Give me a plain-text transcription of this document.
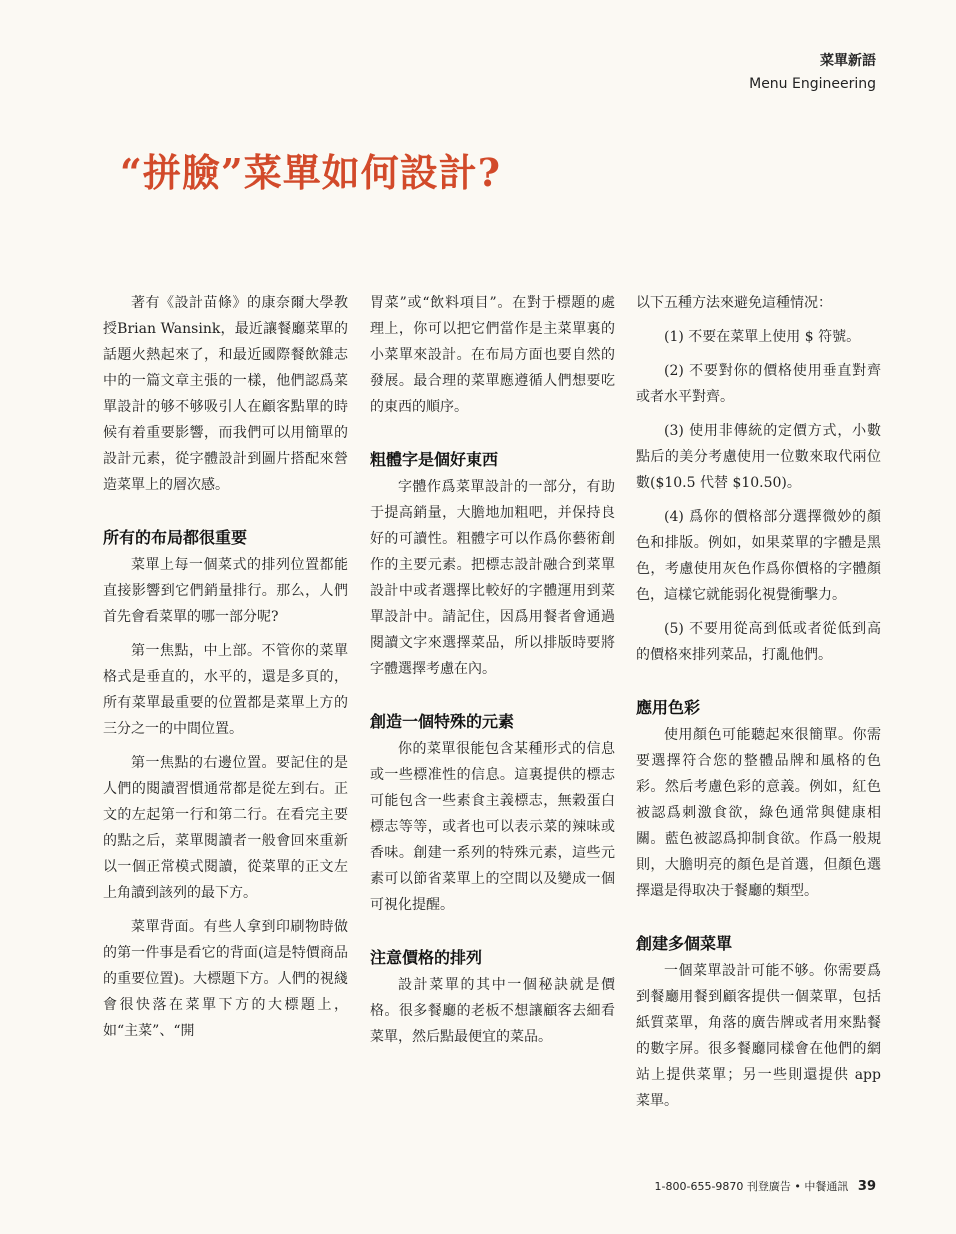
菜單新語
Menu Engineering
“拼臉”菜單如何設計?

著有《設計苗條》的康奈爾大學教授Brian Wansink，最近讓餐廳菜單的話題火熱起來了，和最近國際餐飲雜志中的一篇文章主張的一樣，他們認爲菜單設計的够不够吸引人在顧客點單的時候有着重要影響，而我們可以用簡單的設計元素，從字體設計到圖片搭配來營造菜單上的層次感。

所有的布局都很重要

菜單上每一個菜式的排列位置都能直接影響到它們銷量排行。那么，人們首先會看菜單的哪一部分呢?

第一焦點，中上部。不管你的菜單格式是垂直的，水平的，還是多頁的，所有菜單最重要的位置都是菜單上方的三分之一的中間位置。

第一焦點的右邊位置。要記住的是人們的閱讀習慣通常都是從左到右。正文的左起第一行和第二行。在看完主要的點之后，菜單閱讀者一般會回來重新以一個正常模式閱讀，從菜單的正文左上角讀到該列的最下方。

菜單背面。有些人拿到印刷物時做的第一件事是看它的背面(這是特價商品的重要位置)。大標題下方。人們的視綫會很快落在菜單下方的大標題上，如“主菜”、“開

胃菜”或“飲料項目”。在對于標題的處理上，你可以把它們當作是主菜單裏的小菜單來設計。在布局方面也要自然的發展。最合理的菜單應遵循人們想要吃的東西的順序。

粗體字是個好東西

字體作爲菜單設計的一部分，有助于提高銷量，大膽地加粗吧，并保持良好的可讀性。粗體字可以作爲你藝術創作的主要元素。把標志設計融合到菜單設計中或者選擇比較好的字體運用到菜單設計中。請記住，因爲用餐者會通過閱讀文字來選擇菜品，所以排版時要將字體選擇考慮在內。

創造一個特殊的元素

你的菜單很能包含某種形式的信息或一些標准性的信息。這裏提供的標志可能包含一些素食主義標志，無穀蛋白標志等等，或者也可以表示菜的辣味或香味。創建一系列的特殊元素，這些元素可以節省菜單上的空間以及變成一個可視化提醒。

注意價格的排列

設計菜單的其中一個秘訣就是價格。很多餐廳的老板不想讓顧客去細看菜單，然后點最便宜的菜品。

以下五種方法來避免這種情况：

(1) 不要在菜單上使用 $ 符號。

(2) 不要對你的價格使用垂直對齊或者水平對齊。

(3) 使用非傳統的定價方式，小數點后的美分考慮使用一位數來取代兩位數($10.5 代替 $10.50)。

(4) 爲你的價格部分選擇微妙的顏色和排版。例如，如果菜單的字體是黑色，考慮使用灰色作爲你價格的字體顏色，這樣它就能弱化視覺衝擊力。

(5) 不要用從高到低或者從低到高的價格來排列菜品，打亂他們。

應用色彩

使用顏色可能聽起來很簡單。你需要選擇符合您的整體品牌和風格的色彩。然后考慮色彩的意義。例如，紅色被認爲刺激食欲，綠色通常與健康相關。藍色被認爲抑制食欲。作爲一般規則，大膽明亮的顏色是首選，但顏色選擇還是得取决于餐廳的類型。

創建多個菜單

一個菜單設計可能不够。你需要爲到餐廳用餐到顧客提供一個菜單，包括紙質菜單，角落的廣告牌或者用來點餐的數字屏。很多餐廳同樣會在他們的網站上提供菜單；另一些則還提供 app 菜單。

1-800-655-9870 刊登廣告 • 中餐通訊 39
